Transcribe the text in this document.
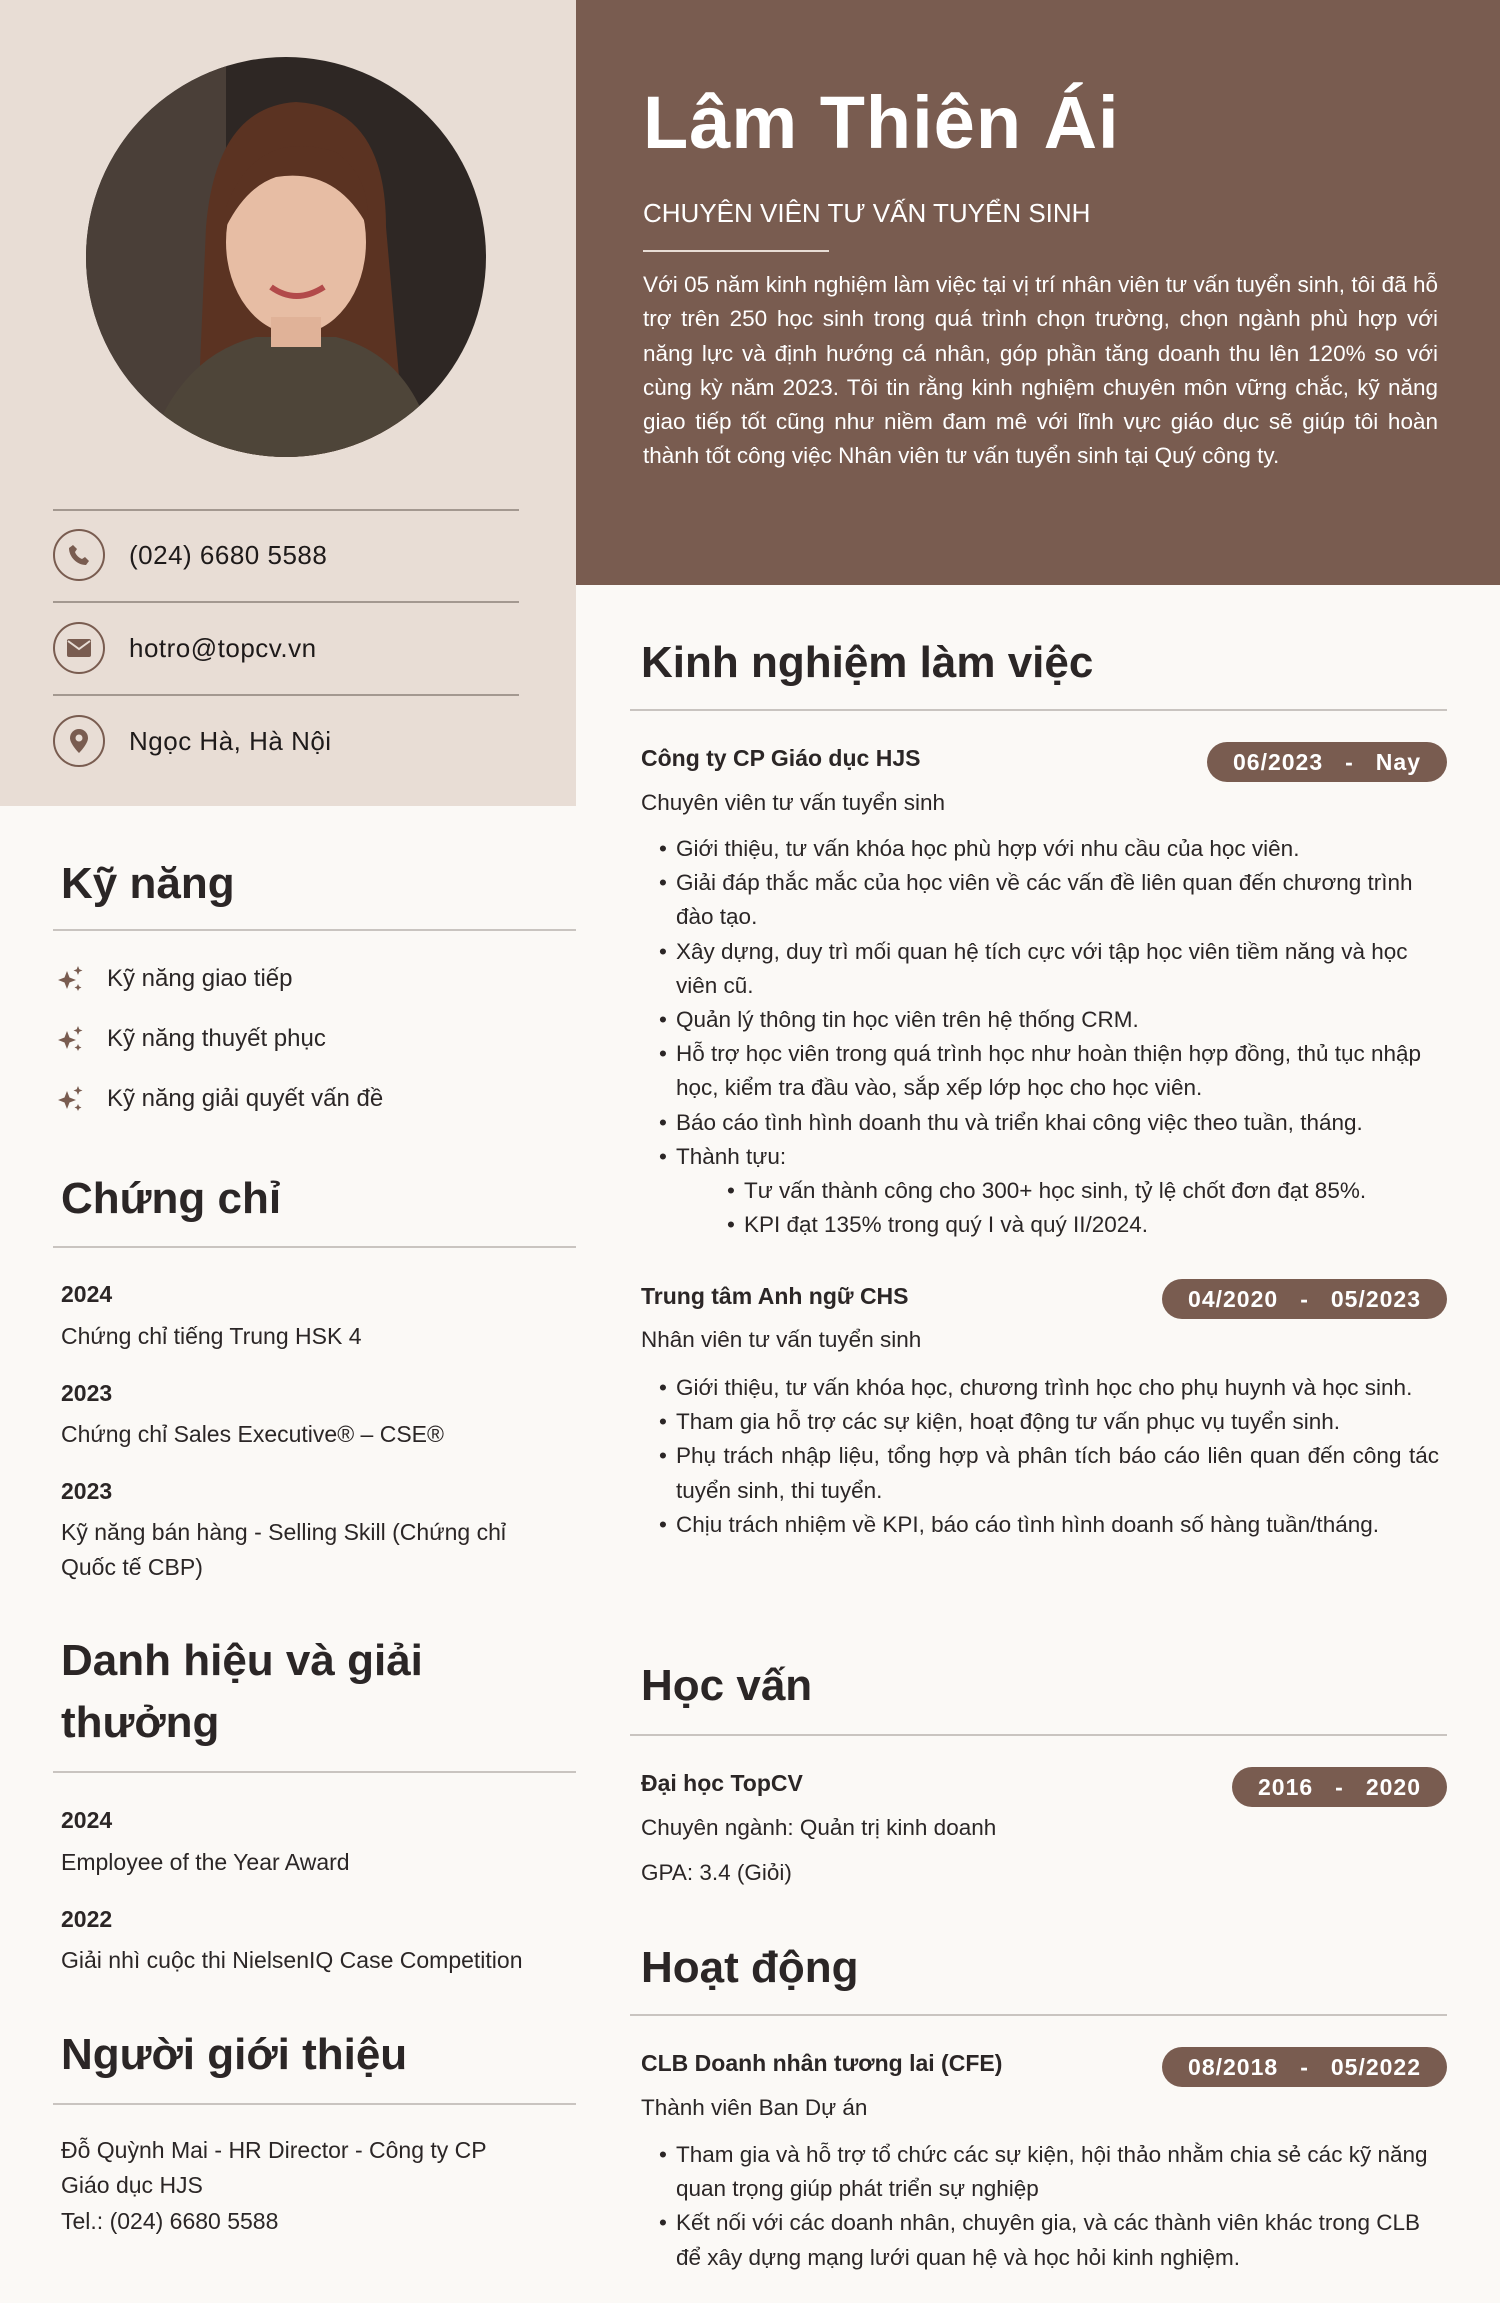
Lâm Thiên Ái
CHUYÊN VIÊN TƯ VẤN TUYỂN SINH
Với 05 năm kinh nghiệm làm việc tại vị trí nhân viên tư vấn tuyển sinh, tôi đã hỗ trợ trên 250 học sinh trong quá trình chọn trường, chọn ngành phù hợp với năng lực và định hướng cá nhân, góp phần tăng doanh thu lên 120% so với cùng kỳ năm 2023. Tôi tin rằng kinh nghiệm chuyên môn vững chắc, kỹ năng giao tiếp tốt cũng như niềm đam mê với lĩnh vực giáo dục sẽ giúp tôi hoàn thành tốt công việc Nhân viên tư vấn tuyển sinh tại Quý công ty.
(024) 6680 5588
hotro@topcv.vn
Ngọc Hà, Hà Nội
Kỹ năng
Kỹ năng giao tiếp
Kỹ năng thuyết phục
Kỹ năng giải quyết vấn đề
Chứng chỉ
2024
Chứng chỉ tiếng Trung HSK 4
2023
Chứng chỉ Sales Executive® – CSE®
2023
Kỹ năng bán hàng - Selling Skill (Chứng chỉ Quốc tế CBP)
Danh hiệu và giải thưởng
2024
Employee of the Year Award
2022
Giải nhì cuộc thi NielsenIQ Case Competition
Người giới thiệu
Đỗ Quỳnh Mai - HR Director - Công ty CP Giáo dục HJS
Tel.: (024) 6680 5588
Kinh nghiệm làm việc
Công ty CP Giáo dục HJS	06/2023 - Nay
Chuyên viên tư vấn tuyển sinh
• Giới thiệu, tư vấn khóa học phù hợp với nhu cầu của học viên.
• Giải đáp thắc mắc của học viên về các vấn đề liên quan đến chương trình đào tạo.
• Xây dựng, duy trì mối quan hệ tích cực với tập học viên tiềm năng và học viên cũ.
• Quản lý thông tin học viên trên hệ thống CRM.
• Hỗ trợ học viên trong quá trình học như hoàn thiện hợp đồng, thủ tục nhập học, kiểm tra đầu vào, sắp xếp lớp học cho học viên.
• Báo cáo tình hình doanh thu và triển khai công việc theo tuần, tháng.
• Thành tựu:
• Tư vấn thành công cho 300+ học sinh, tỷ lệ chốt đơn đạt 85%.
• KPI đạt 135% trong quý I và quý II/2024.
Trung tâm Anh ngữ CHS	04/2020 - 05/2023
Nhân viên tư vấn tuyển sinh
• Giới thiệu, tư vấn khóa học, chương trình học cho phụ huynh và học sinh.
• Tham gia hỗ trợ các sự kiện, hoạt động tư vấn phục vụ tuyển sinh.
• Phụ trách nhập liệu, tổng hợp và phân tích báo cáo liên quan đến công tác tuyển sinh, thi tuyển.
• Chịu trách nhiệm về KPI, báo cáo tình hình doanh số hàng tuần/tháng.
Học vấn
Đại học TopCV	2016 - 2020
Chuyên ngành: Quản trị kinh doanh
GPA: 3.4 (Giỏi)
Hoạt động
CLB Doanh nhân tương lai (CFE)	08/2018 - 05/2022
Thành viên Ban Dự án
• Tham gia và hỗ trợ tổ chức các sự kiện, hội thảo nhằm chia sẻ các kỹ năng quan trọng giúp phát triển sự nghiệp
• Kết nối với các doanh nhân, chuyên gia, và các thành viên khác trong CLB để xây dựng mạng lưới quan hệ và học hỏi kinh nghiệm.
